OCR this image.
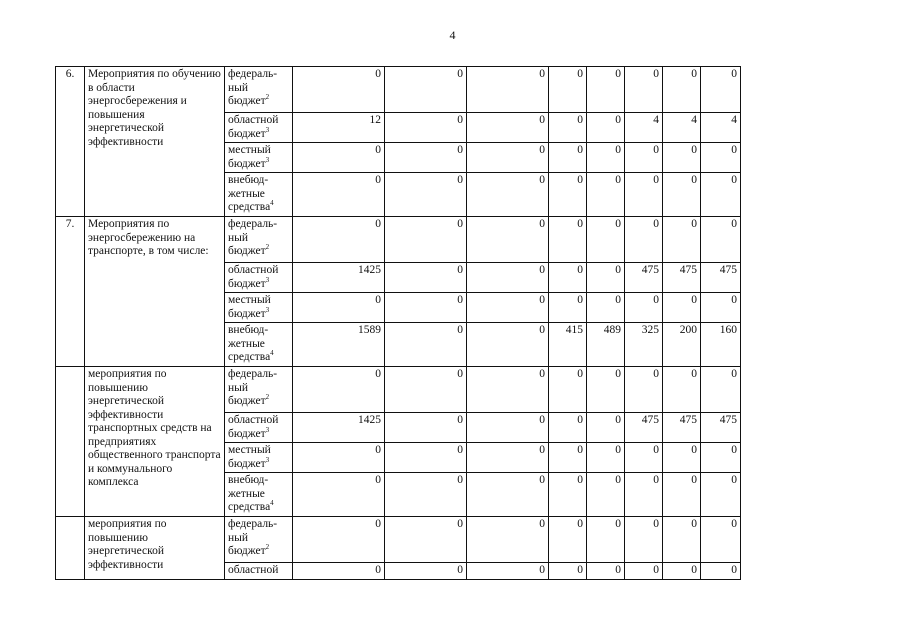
4
6.	Мероприятия по обучению в области энергосбережения и повышения энергетической эффективности	федераль-
ный
бюджет$^2$	0	0	0	0	0	0	0	0	
		областной
бюджет$^3$	12	0	0	0	0	4	4	4	
		местный
бюджет$^3$	0	0	0	0	0	0	0	0	
		внебюд-
жетные
средства$^4$	0	0	0	0	0	0	0	0	
7.	Мероприятия по энергосбережению на транспорте, в том числе:	федераль-
ный
бюджет$^2$	0	0	0	0	0	0	0	0	
		областной
бюджет$^3$	1425	0	0	0	0	475	475	475	
		местный
бюджет$^3$	0	0	0	0	0	0	0	0	
		внебюд-
жетные
средства$^4$	1589	0	0	415	489	325	200	160	
	мероприятия по повышению энергетической эффективности транспортных средств на предприятиях общественного транспорта и коммунального комплекса	федераль-
ный
бюджет$^2$	0	0	0	0	0	0	0	0	
		областной
бюджет$^3$	1425	0	0	0	0	475	475	475	
		местный
бюджет$^3$	0	0	0	0	0	0	0	0	
		внебюд-
жетные
средства$^4$	0	0	0	0	0	0	0	0	
	мероприятия по повышению энергетической эффективности	федераль-
ный
бюджет$^2$	0	0	0	0	0	0	0	0	
		областной	0	0	0	0	0	0	0	0	
